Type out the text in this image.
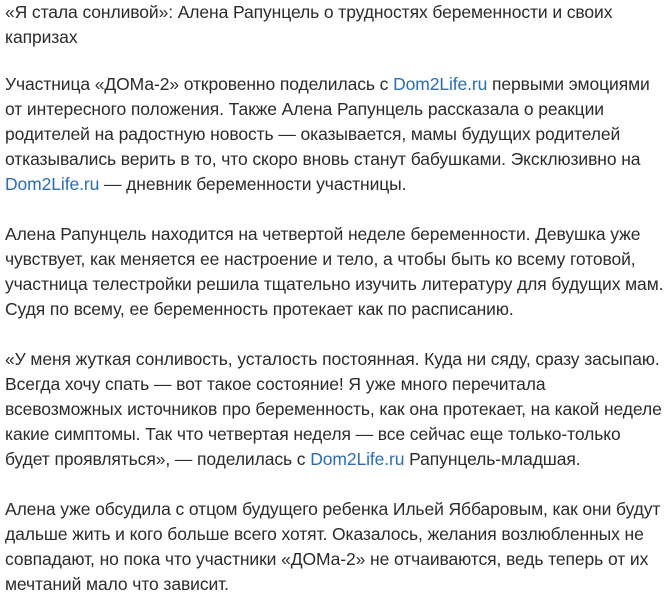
«Я стала сонливой»: Алена Рапунцель о трудностях беременности и своих капризах

Участница «ДОМа-2» откровенно поделилась с Dom2Life.ru первыми эмоциями от интересного положения. Также Алена Рапунцель рассказала о реакции родителей на радостную новость — оказывается, мамы будущих родителей отказывались верить в то, что скоро вновь станут бабушками. Эксклюзивно на Dom2Life.ru — дневник беременности участницы.

Алена Рапунцель находится на четвертой неделе беременности. Девушка уже чувствует, как меняется ее настроение и тело, а чтобы быть ко всему готовой, участница телестройки решила тщательно изучить литературу для будущих мам. Судя по всему, ее беременность протекает как по расписанию.

«У меня жуткая сонливость, усталость постоянная. Куда ни сяду, сразу засыпаю. Всегда хочу спать — вот такое состояние! Я уже много перечитала всевозможных источников про беременность, как она протекает, на какой неделе какие симптомы. Так что четвертая неделя — все сейчас еще только-только будет проявляться», — поделилась с Dom2Life.ru Рапунцель-младшая.

Алена уже обсудила с отцом будущего ребенка Ильей Яббаровым, как они будут дальше жить и кого больше всего хотят. Оказалось, желания возлюбленных не совпадают, но пока что участники «ДОМа-2» не отчаиваются, ведь теперь от их мечтаний мало что зависит.
